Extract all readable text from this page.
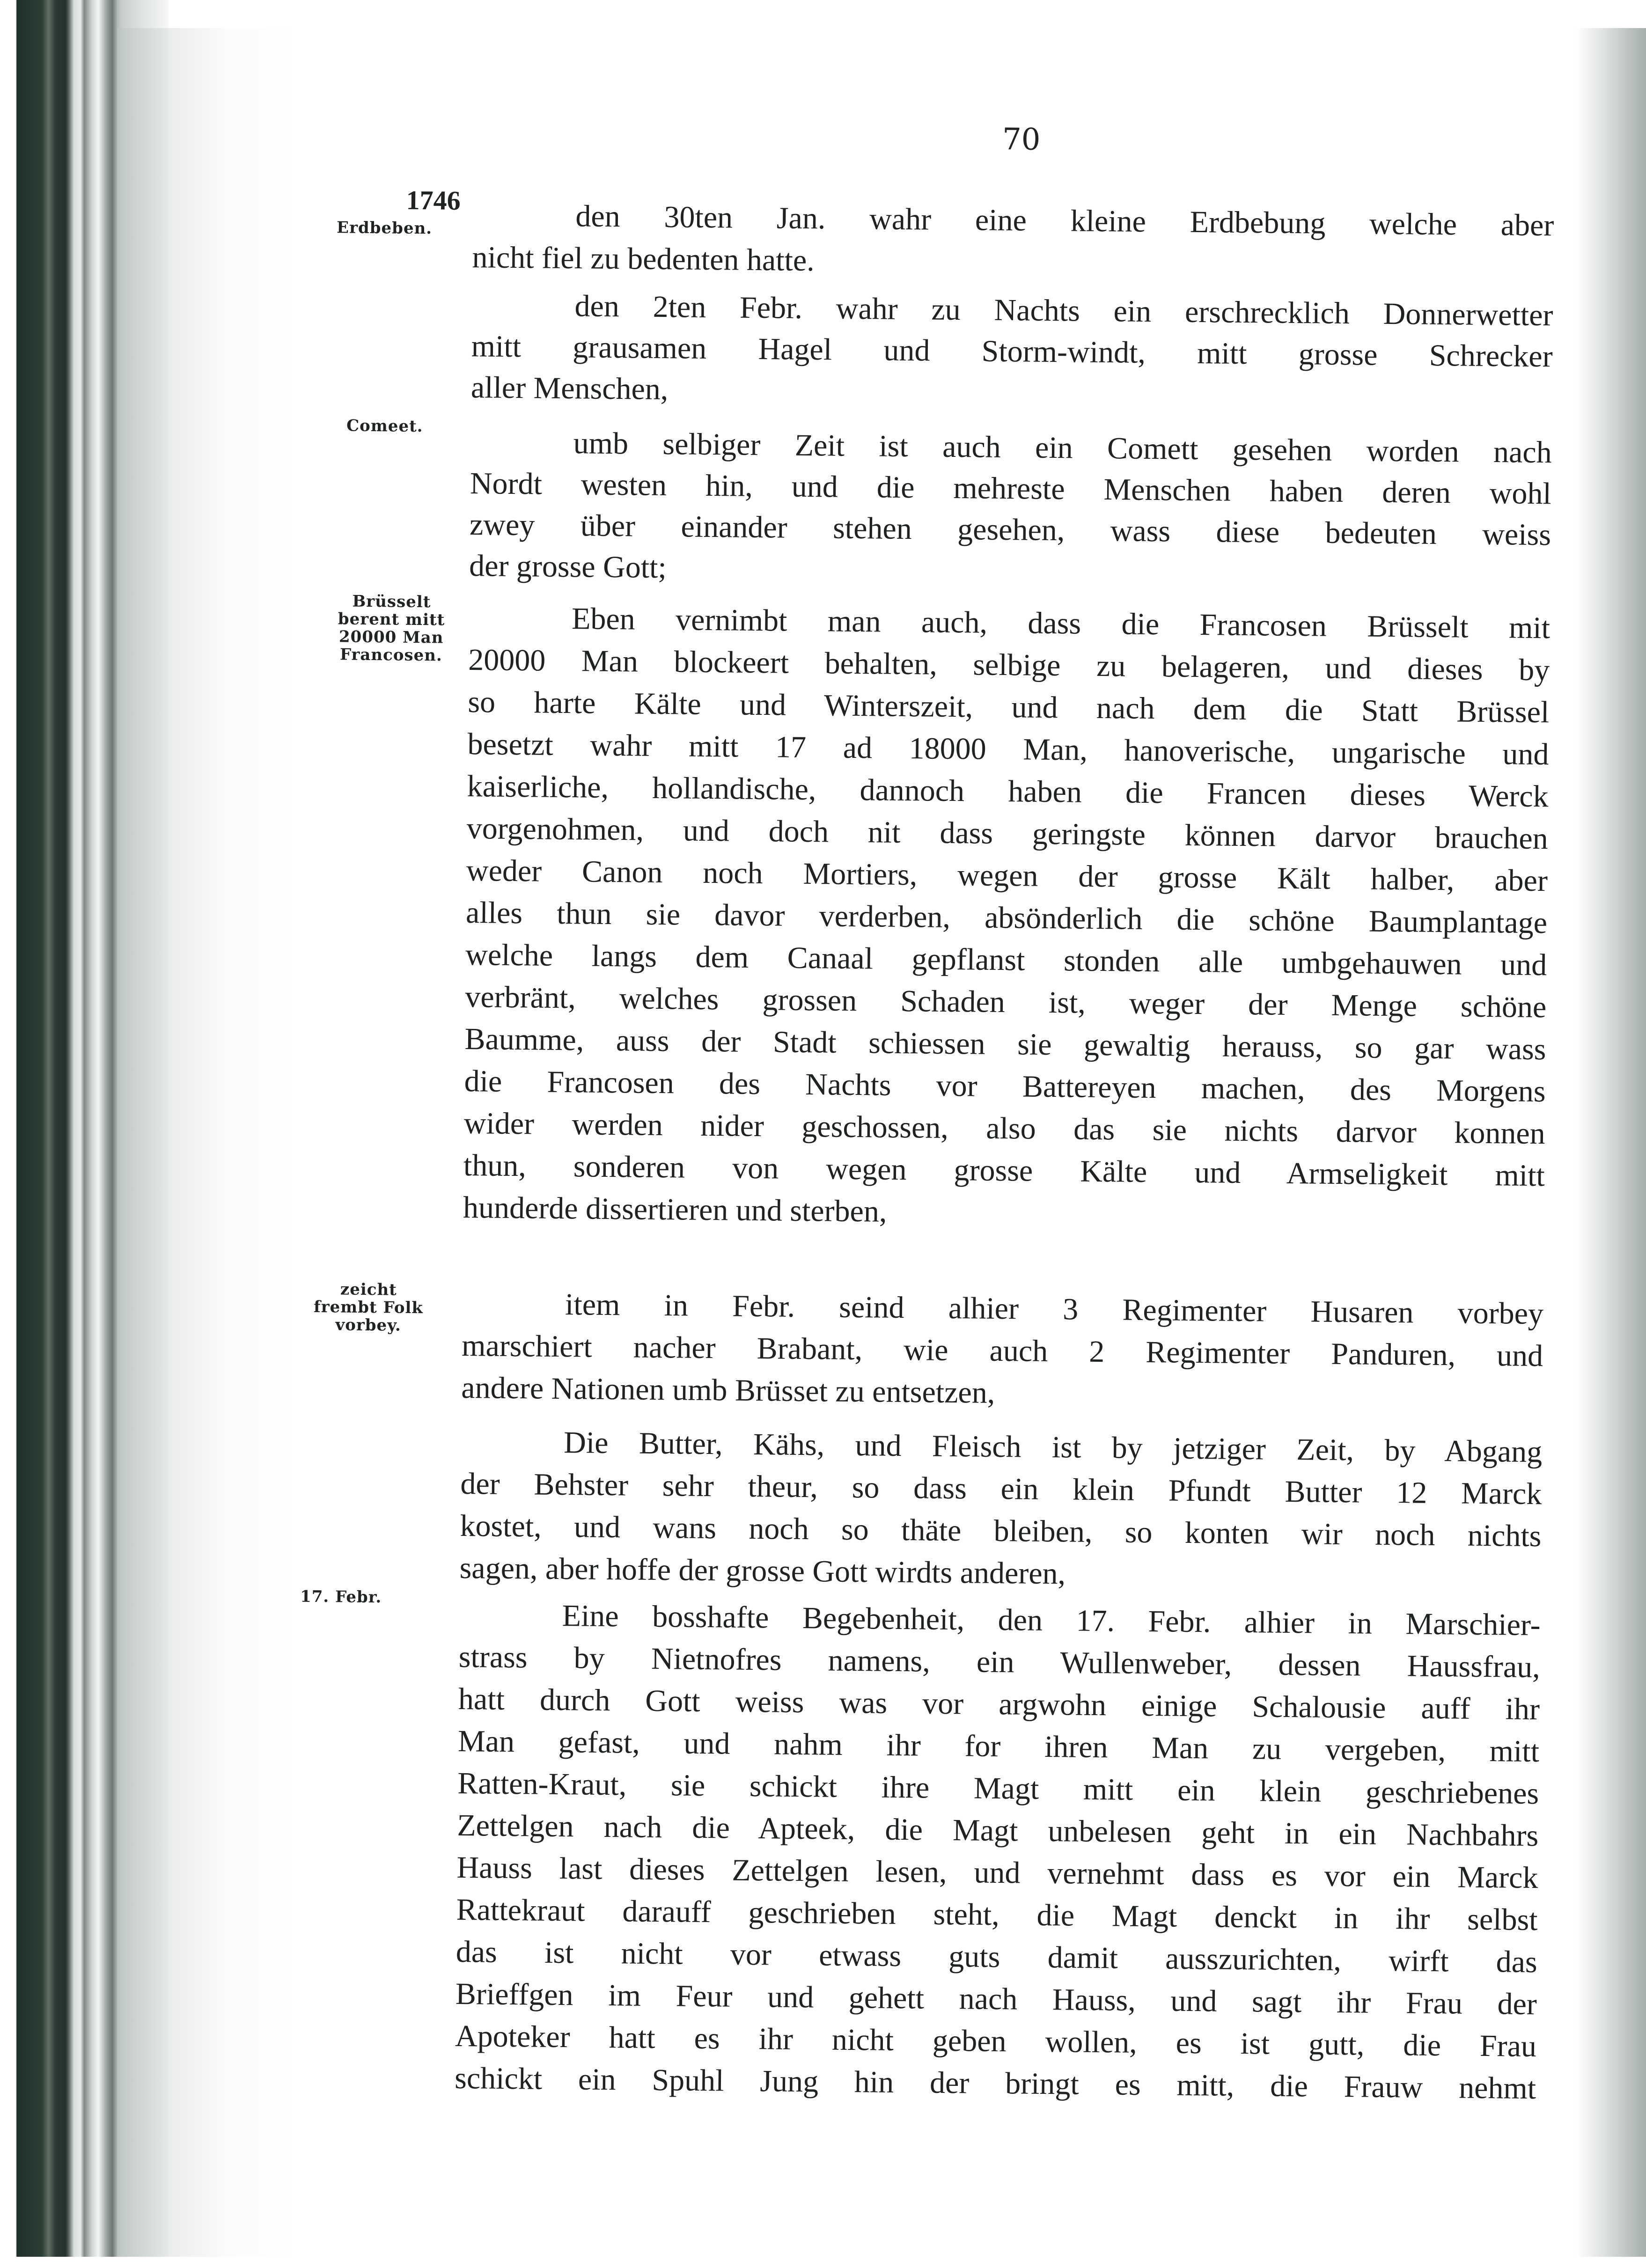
70
1746
Erdbeben.
Comeet.
Brüsselt
berent mitt
20000 Man
Francosen.
zeicht
frembt Folk
vorbey.
17. Febr.
den 30ten Jan. wahr eine kleine Erdbebung welche aber
nicht fiel zu bedenten hatte.
den 2ten Febr. wahr zu Nachts ein erschrecklich Donnerwetter
mitt grausamen Hagel und Storm-windt, mitt grosse Schrecker
aller Menschen,
umb selbiger Zeit ist auch ein Comett gesehen worden nach
Nordt westen hin, und die mehreste Menschen haben deren wohl
zwey über einander stehen gesehen, wass diese bedeuten weiss
der grosse Gott;
Eben vernimbt man auch, dass die Francosen Brüsselt mit
20000 Man blockeert behalten, selbige zu belageren, und dieses by
so harte Kälte und Winterszeit, und nach dem die Statt Brüssel
besetzt wahr mitt 17 ad 18000 Man, hanoverische, ungarische und
kaiserliche, hollandische, dannoch haben die Francen dieses Werck
vorgenohmen, und doch nit dass geringste können darvor brauchen
weder Canon noch Mortiers, wegen der grosse Kält halber, aber
alles thun sie davor verderben, absönderlich die schöne Baumplantage
welche langs dem Canaal gepflanst stonden alle umbgehauwen und
verbränt, welches grossen Schaden ist, weger der Menge schöne
Baumme, auss der Stadt schiessen sie gewaltig herauss, so gar wass
die Francosen des Nachts vor Battereyen machen, des Morgens
wider werden nider geschossen, also das sie nichts darvor konnen
thun, sonderen von wegen grosse Kälte und Armseligkeit mitt
hunderde dissertieren und sterben,
item in Febr. seind alhier 3 Regimenter Husaren vorbey
marschiert nacher Brabant, wie auch 2 Regimenter Panduren, und
andere Nationen umb Brüsset zu entsetzen,
Die Butter, Kähs, und Fleisch ist by jetziger Zeit, by Abgang
der Behster sehr theur, so dass ein klein Pfundt Butter 12 Marck
kostet, und wans noch so thäte bleiben, so konten wir noch nichts
sagen, aber hoffe der grosse Gott wirdts anderen,
Eine bosshafte Begebenheit, den 17. Febr. alhier in Marschier-
strass by Nietnofres namens, ein Wullenweber, dessen Haussfrau,
hatt durch Gott weiss was vor argwohn einige Schalousie auff ihr
Man gefast, und nahm ihr for ihren Man zu vergeben, mitt
Ratten-Kraut, sie schickt ihre Magt mitt ein klein geschriebenes
Zettelgen nach die Apteek, die Magt unbelesen geht in ein Nachbahrs
Hauss last dieses Zettelgen lesen, und vernehmt dass es vor ein Marck
Rattekraut darauff geschrieben steht, die Magt denckt in ihr selbst
das ist nicht vor etwass guts damit ausszurichten, wirft das
Brieffgen im Feur und gehett nach Hauss, und sagt ihr Frau der
Apoteker hatt es ihr nicht geben wollen, es ist gutt, die Frau
schickt ein Spuhl Jung hin der bringt es mitt, die Frauw nehmt
